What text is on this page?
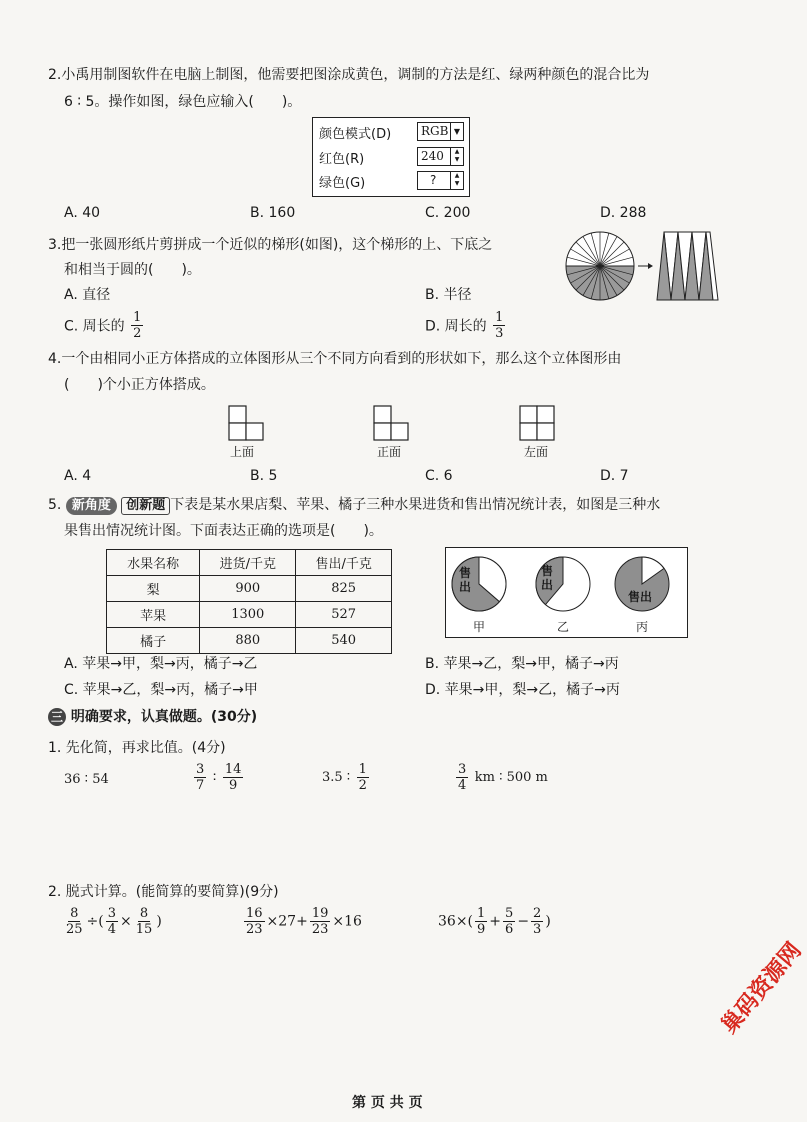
2.小禹用制图软件在电脑上制图，他需要把图涂成黄色，调制的方法是红、绿两种颜色的混合比为
6 ∶ 5。操作如图，绿色应输入(　　)。
颜色模式(D) RGB ▼
红色(R)	240	▲
▼
绿色(G)	?	▲
▼
A. 40	B. 160	C. 200	D. 288
3.把一张圆形纸片剪拼成一个近似的梯形(如图)，这个梯形的上、下底之
和相当于圆的(　　)。
A. 直径	B. 半径
C. 周长的 $\frac{1}{2}$	D. 周长的 $\frac{1}{3}$
4.一个由相同小正方体搭成的立体图形从三个不同方向看到的形状如下，那么这个立体图形由
(　　)个小正方体搭成。
上面	正面	左面
A. 4	B. 5	C. 6	D. 7
5. 新角度 创新题 下表是某水果店梨、苹果、橘子三种水果进货和售出情况统计表，如图是三种水
果售出情况统计图。下面表达正确的选项是(　　)。
水果名称	进货/千克	售出/千克
梨	900	825
苹果	1300	527
橘子	880	540
售出
售出
售出
甲	乙	丙
A. 苹果→甲，梨→丙，橘子→乙	B. 苹果→乙，梨→甲，橘子→丙
C. 苹果→乙，梨→丙，橘子→甲	D. 苹果→甲，梨→乙，橘子→丙
三 明确要求，认真做题。(30分)
1. 先化简，再求比值。(4分)
36 ∶ 54	$\frac{3}{7}$ ∶ $\frac{14}{9}$	3.5 ∶ $\frac{1}{2}$	$\frac{3}{4}$ km ∶ 500 m
2. 脱式计算。(能简算的要简算)(9分)
$\frac{8}{25}$ ÷( $\frac{3}{4} \times \frac{8}{15}$ )	$\frac{16}{23} \times 27+ \frac{19}{23} \times 16$	$36\times( \frac{1}{9} + \frac{5}{6} - \frac{2}{3}$ )
巢码资源网
第 页 共 页
